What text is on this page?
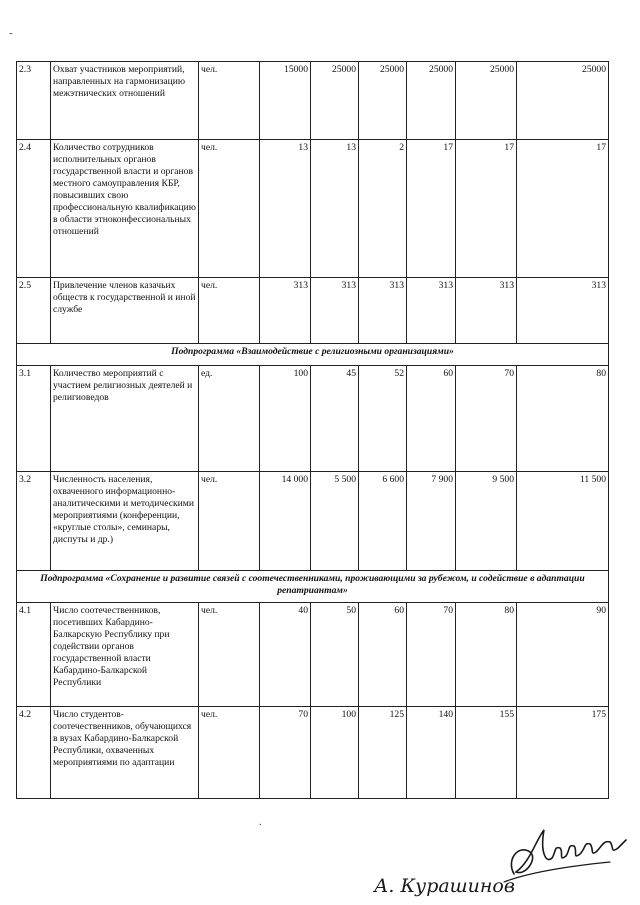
-
.
2.3	Охват участников мероприятий, направленных на гармонизацию межэтнических отношений	чел.	15000	25000	25000	25000	25000	25000
2.4	Количество сотрудников исполнительных органов государственной власти и органов местного самоуправления КБР, повысивших свою профессиональную квалификацию в области этноконфессиональных отношений	чел.	13	13	2	17	17	17
2.5	Привлечение членов казачьих обществ к государственной и иной службе	чел.	313	313	313	313	313	313
Подпрограмма «Взаимодействие с религиозными организациями»								
3.1	Количество мероприятий с участием религиозных деятелей и религиоведов	ед.	100	45	52	60	70	80
3.2	Численность населения, охваченного информационно-аналитическими и методическими мероприятиями (конференции, «круглые столы», семинары, диспуты и др.)	чел.	14 000	5 500	6 600	7 900	9 500	11 500
Подпрограмма «Сохранение и развитие связей с соотечественниками, проживающими за рубежом, и содействие в адаптации репатриантам»								
4.1	Число соотечественников, посетивших Кабардино-Балкарскую Республику при содействии органов государственной власти Кабардино-Балкарской Республики	чел.	40	50	60	70	80	90
4.2	Число студентов-соотечественников, обучающихся в вузах Кабардино-Балкарской Республики, охваченных мероприятиями по адаптации	чел.	70	100	125	140	155	175
А. Курашинов
